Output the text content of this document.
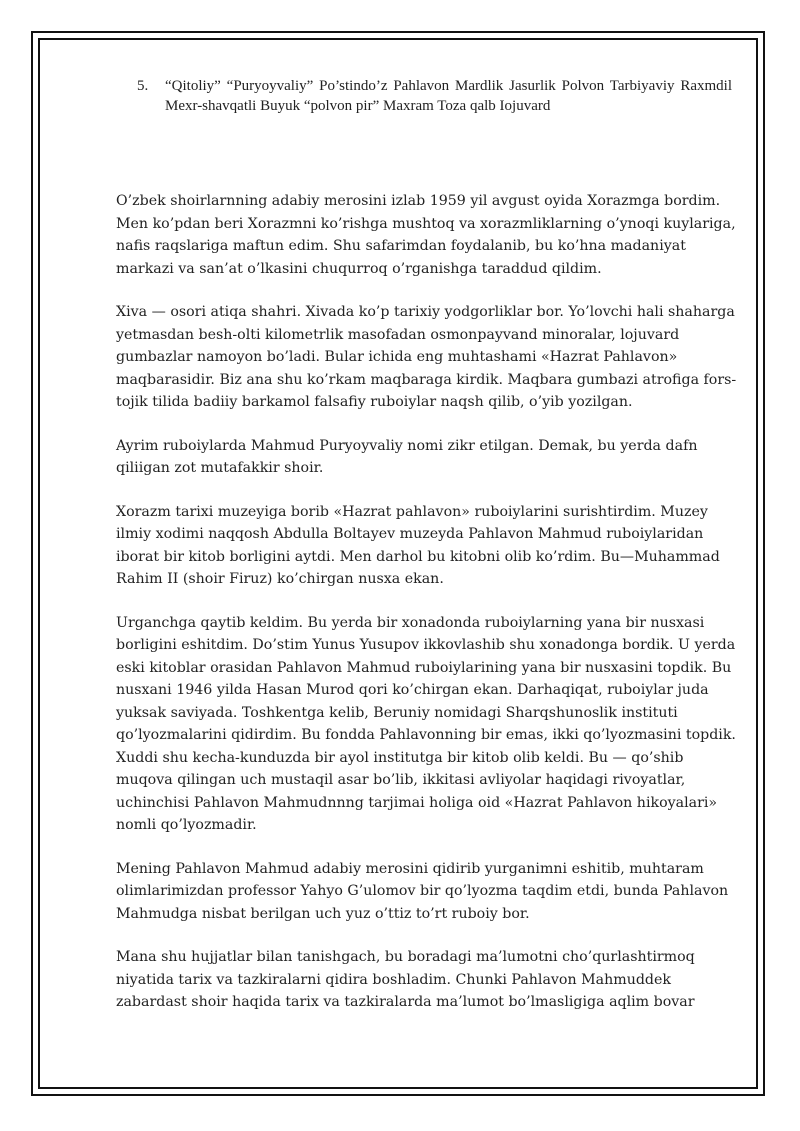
5. “Qitoliy” “Puryoyvaliy” Po’stindo’z Pahlavon Mardlik Jasurlik Polvon Tarbiyaviy Raxmdil Mexr-shavqatli Buyuk “polvon pir” Maxram Toza qalb Iojuvard

O’zbek shoirlarnning adabiy merosini izlab 1959 yil avgust oyida Xorazmga bordim. Men ko’pdan beri Xorazmni ko’rishga mushtoq va xorazmliklarning o’ynoqi kuylariga, nafis raqslariga maftun edim. Shu safarimdan foydalanib, bu ko’hna madaniyat markazi va san’at o’lkasini chuqurroq o’rganishga taraddud qildim.

Xiva — osori atiqa shahri. Xivada ko’p tarixiy yodgorliklar bor. Yo’lovchi hali shaharga yetmasdan besh-olti kilometrlik masofadan osmonpayvand minoralar, lojuvard gumbazlar namoyon bo’ladi. Bular ichida eng muhtashami «Hazrat Pahlavon» maqbarasidir. Biz ana shu ko’rkam maqbaraga kirdik. Maqbara gumbazi atrofiga fors-tojik tilida badiiy barkamol falsafiy ruboiylar naqsh qilib, o’yib yozilgan.

Ayrim ruboiylarda Mahmud Puryoyvaliy nomi zikr etilgan. Demak, bu yerda dafn qiliigan zot mutafakkir shoir.

Xorazm tarixi muzeyiga borib «Hazrat pahlavon» ruboiylarini surishtirdim. Muzey ilmiy xodimi naqqosh Abdulla Boltayev muzeyda Pahlavon Mahmud ruboiylaridan iborat bir kitob borligini aytdi. Men darhol bu kitobni olib ko’rdim. Bu—Muhammad Rahim II (shoir Firuz) ko’chirgan nusxa ekan.

Urganchga qaytib keldim. Bu yerda bir xonadonda ruboiylarning yana bir nusxasi borligini eshitdim. Do’stim Yunus Yusupov ikkovlashib shu xonadonga bordik. U yerda eski kitoblar orasidan Pahlavon Mahmud ruboiylarining yana bir nusxasini topdik. Bu nusxani 1946 yilda Hasan Murod qori ko’chirgan ekan. Darhaqiqat, ruboiylar juda yuksak saviyada. Toshkentga kelib, Beruniy nomidagi Sharqshunoslik instituti qo’lyozmalarini qidirdim. Bu fondda Pahlavonning bir emas, ikki qo’lyozmasini topdik. Xuddi shu kecha-kunduzda bir ayol institutga bir kitob olib keldi. Bu — qo’shib muqova qilingan uch mustaqil asar bo’lib, ikkitasi avliyolar haqidagi rivoyatlar, uchinchisi Pahlavon Mahmudnnng tarjimai holiga oid «Hazrat Pahlavon hikoyalari» nomli qo’lyozmadir.

Mening Pahlavon Mahmud adabiy merosini qidirib yurganimni eshitib, muhtaram olimlarimizdan professor Yahyo G’ulomov bir qo’lyozma taqdim etdi, bunda Pahlavon Mahmudga nisbat berilgan uch yuz o’ttiz to’rt ruboiy bor.

Mana shu hujjatlar bilan tanishgach, bu boradagi ma’lumotni cho’qurlashtirmoq niyatida tarix va tazkiralarni qidira boshladim. Chunki Pahlavon Mahmuddek zabardast shoir haqida tarix va tazkiralarda ma’lumot bo’lmasligiga aqlim bovar
